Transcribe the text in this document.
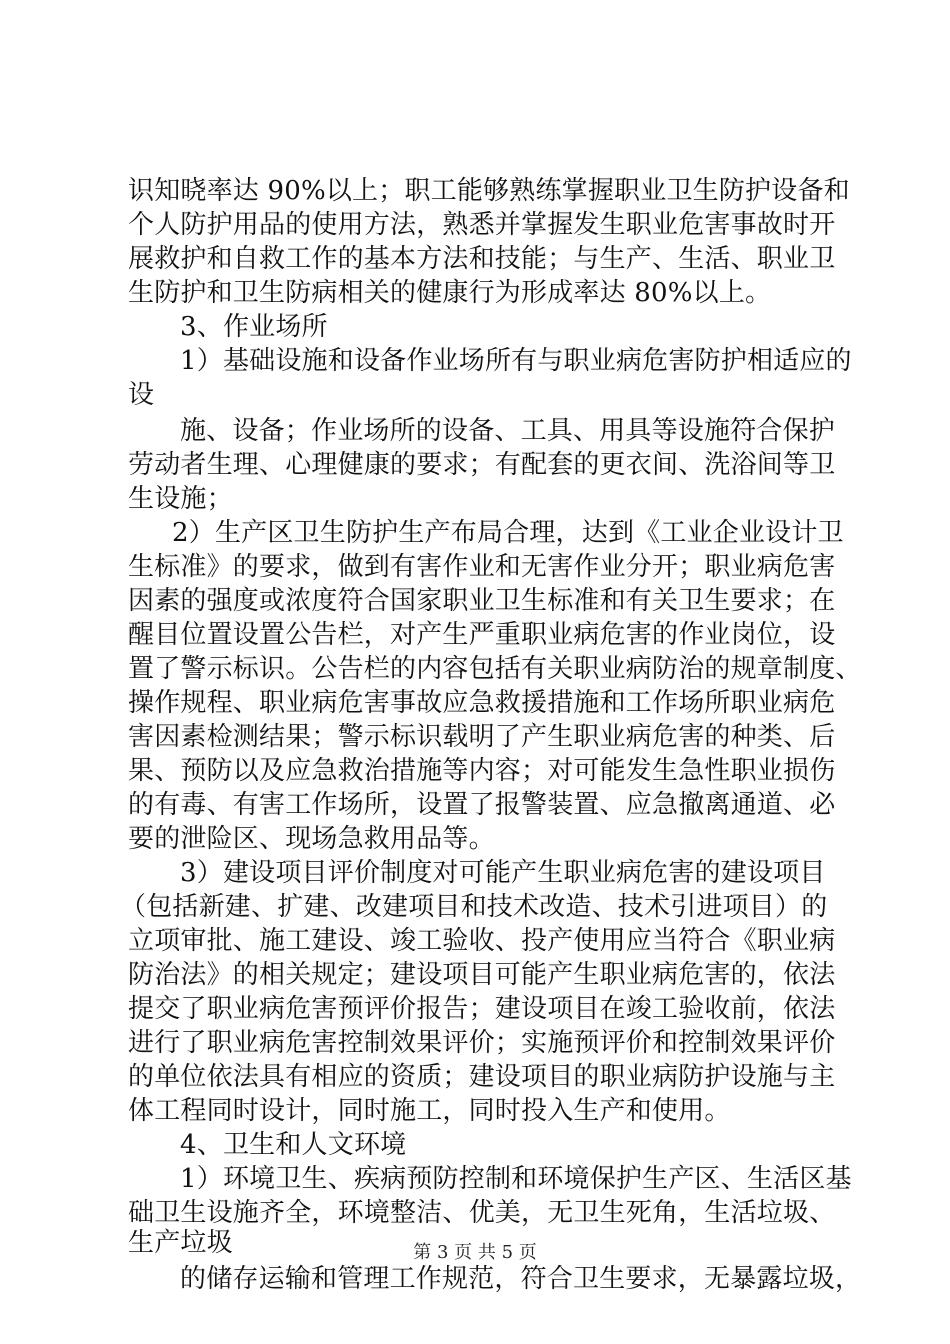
识知晓率达 90%以上；职工能够熟练掌握职业卫生防护设备和
个人防护用品的使用方法，熟悉并掌握发生职业危害事故时开
展救护和自救工作的基本方法和技能；与生产、生活、职业卫
生防护和卫生防病相关的健康行为形成率达 80%以上。
3、作业场所
1）基础设施和设备作业场所有与职业病危害防护相适应的
设
施、设备；作业场所的设备、工具、用具等设施符合保护
劳动者生理、心理健康的要求；有配套的更衣间、洗浴间等卫
生设施；
2）生产区卫生防护生产布局合理，达到《工业企业设计卫
生标准》的要求，做到有害作业和无害作业分开；职业病危害
因素的强度或浓度符合国家职业卫生标准和有关卫生要求；在
醒目位置设置公告栏，对产生严重职业病危害的作业岗位，设
置了警示标识。公告栏的内容包括有关职业病防治的规章制度、
操作规程、职业病危害事故应急救援措施和工作场所职业病危
害因素检测结果；警示标识载明了产生职业病危害的种类、后
果、预防以及应急救治措施等内容；对可能发生急性职业损伤
的有毒、有害工作场所，设置了报警装置、应急撤离通道、必
要的泄险区、现场急救用品等。
3）建设项目评价制度对可能产生职业病危害的建设项目
（包括新建、扩建、改建项目和技术改造、技术引进项目）的
立项审批、施工建设、竣工验收、投产使用应当符合《职业病
防治法》的相关规定；建设项目可能产生职业病危害的，依法
提交了职业病危害预评价报告；建设项目在竣工验收前，依法
进行了职业病危害控制效果评价；实施预评价和控制效果评价
的单位依法具有相应的资质；建设项目的职业病防护设施与主
体工程同时设计，同时施工，同时投入生产和使用。
4、卫生和人文环境
1）环境卫生、疾病预防控制和环境保护生产区、生活区基
础卫生设施齐全，环境整洁、优美，无卫生死角，生活垃圾、
生产垃圾
的储存运输和管理工作规范，符合卫生要求，无暴露垃圾，
第 3 页 共 5 页
